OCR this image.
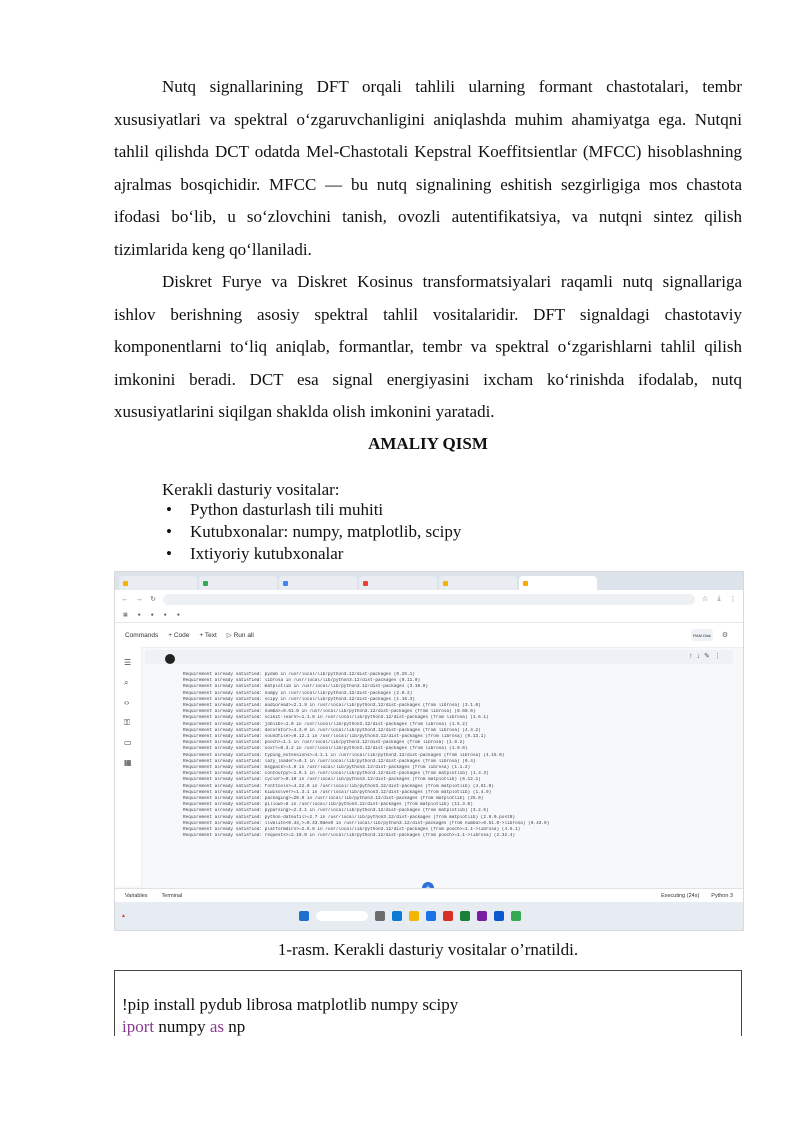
Nutq signallarining DFT orqali tahlili ularning formant chastotalari, tembr xususiyatlari va spektral o‘zgaruvchanligini aniqlashda muhim ahamiyatga ega. Nutqni tahlil qilishda DCT odatda Mel-Chastotali Kepstral Koeffitsientlar (MFCC) hisoblashning ajralmas bosqichidir. MFCC — bu nutq signalining eshitish sezgirligiga mos chastota ifodasi bo‘lib, u so‘zlovchini tanish, ovozli autentifikatsiya, va nutqni sintez qilish tizimlarida keng qo‘llaniladi.

Diskret Furye va Diskret Kosinus transformatsiyalari raqamli nutq signallariga ishlov berishning asosiy spektral tahlil vositalaridir. DFT signaldagi chastotaviy komponentlarni to‘liq aniqlab, formantlar, tembr va spektral o‘zgarishlarni tahlil qilish imkonini beradi. DCT esa signal energiyasini ixcham ko‘rinishda ifodalab, nutq xususiyatlarini siqilgan shaklda olish imkonini yaratadi.

AMALIY QISM
Kerakli dasturiy vositalar:
• Python dasturlash tili muhiti
• Kutubxonalar: numpy, matplotlib, scipy
• Ixtiyoriy kutubxonalar
← → ↻	☆	⤓	⋮
▦ ● ● ● ●
Commands + Code + Text ▷ Run all	RAM Disk	⚙
☰
⌕
‹›
⚿
▭
▦
↑↓✎⋮
Requirement already satisfied: pydub in /usr/local/lib/python3.12/dist-packages (0.25.1)
Requirement already satisfied: librosa in /usr/local/lib/python3.12/dist-packages (0.11.0)
Requirement already satisfied: matplotlib in /usr/local/lib/python3.12/dist-packages (3.10.0)
Requirement already satisfied: numpy in /usr/local/lib/python3.12/dist-packages (2.0.2)
Requirement already satisfied: scipy in /usr/local/lib/python3.12/dist-packages (1.16.3)
Requirement already satisfied: audioread>=2.1.9 in /usr/local/lib/python3.12/dist-packages (from librosa) (3.1.0)
Requirement already satisfied: numba>=0.51.0 in /usr/local/lib/python3.12/dist-packages (from librosa) (0.60.0)
Requirement already satisfied: scikit-learn>=1.1.0 in /usr/local/lib/python3.12/dist-packages (from librosa) (1.6.1)
Requirement already satisfied: joblib>=1.0 in /usr/local/lib/python3.12/dist-packages (from librosa) (1.5.2)
Requirement already satisfied: decorator>=4.3.0 in /usr/local/lib/python3.12/dist-packages (from librosa) (4.4.2)
Requirement already satisfied: soundfile>=0.12.1 in /usr/local/lib/python3.12/dist-packages (from librosa) (0.13.1)
Requirement already satisfied: pooch>=1.1 in /usr/local/lib/python3.12/dist-packages (from librosa) (1.8.2)
Requirement already satisfied: soxr>=0.3.2 in /usr/local/lib/python3.12/dist-packages (from librosa) (1.0.0)
Requirement already satisfied: typing_extensions>=4.1.1 in /usr/local/lib/python3.12/dist-packages (from librosa) (4.15.0)
Requirement already satisfied: lazy_loader>=0.1 in /usr/local/lib/python3.12/dist-packages (from librosa) (0.4)
Requirement already satisfied: msgpack>=1.0 in /usr/local/lib/python3.12/dist-packages (from librosa) (1.1.2)
Requirement already satisfied: contourpy>=1.0.1 in /usr/local/lib/python3.12/dist-packages (from matplotlib) (1.3.3)
Requirement already satisfied: cycler>=0.10 in /usr/local/lib/python3.12/dist-packages (from matplotlib) (0.12.1)
Requirement already satisfied: fonttools>=4.22.0 in /usr/local/lib/python3.12/dist-packages (from matplotlib) (4.61.0)
Requirement already satisfied: kiwisolver>=1.3.1 in /usr/local/lib/python3.12/dist-packages (from matplotlib) (1.4.9)
Requirement already satisfied: packaging>=20.0 in /usr/local/lib/python3.12/dist-packages (from matplotlib) (25.0)
Requirement already satisfied: pillow>=8 in /usr/local/lib/python3.12/dist-packages (from matplotlib) (11.3.0)
Requirement already satisfied: pyparsing>=2.3.1 in /usr/local/lib/python3.12/dist-packages (from matplotlib) (3.2.5)
Requirement already satisfied: python-dateutil>=2.7 in /usr/local/lib/python3.12/dist-packages (from matplotlib) (2.9.0.post0)
Requirement already satisfied: llvmlite<0.44,>=0.43.0dev0 in /usr/local/lib/python3.12/dist-packages (from numba>=0.51.0->librosa) (0.43.0)
Requirement already satisfied: platformdirs>=2.5.0 in /usr/local/lib/python3.12/dist-packages (from pooch>=1.1->librosa) (4.5.1)
Requirement already satisfied: requests>=2.19.0 in /usr/local/lib/python3.12/dist-packages (from pooch>=1.1->librosa) (2.32.4)
Variables	Terminal	Executing (24s) Python 3
▲
1-rasm. Kerakli dasturiy vositalar o’rnatildi.
!pip install pydub librosa matplotlib numpy scipy
iport numpy as np
